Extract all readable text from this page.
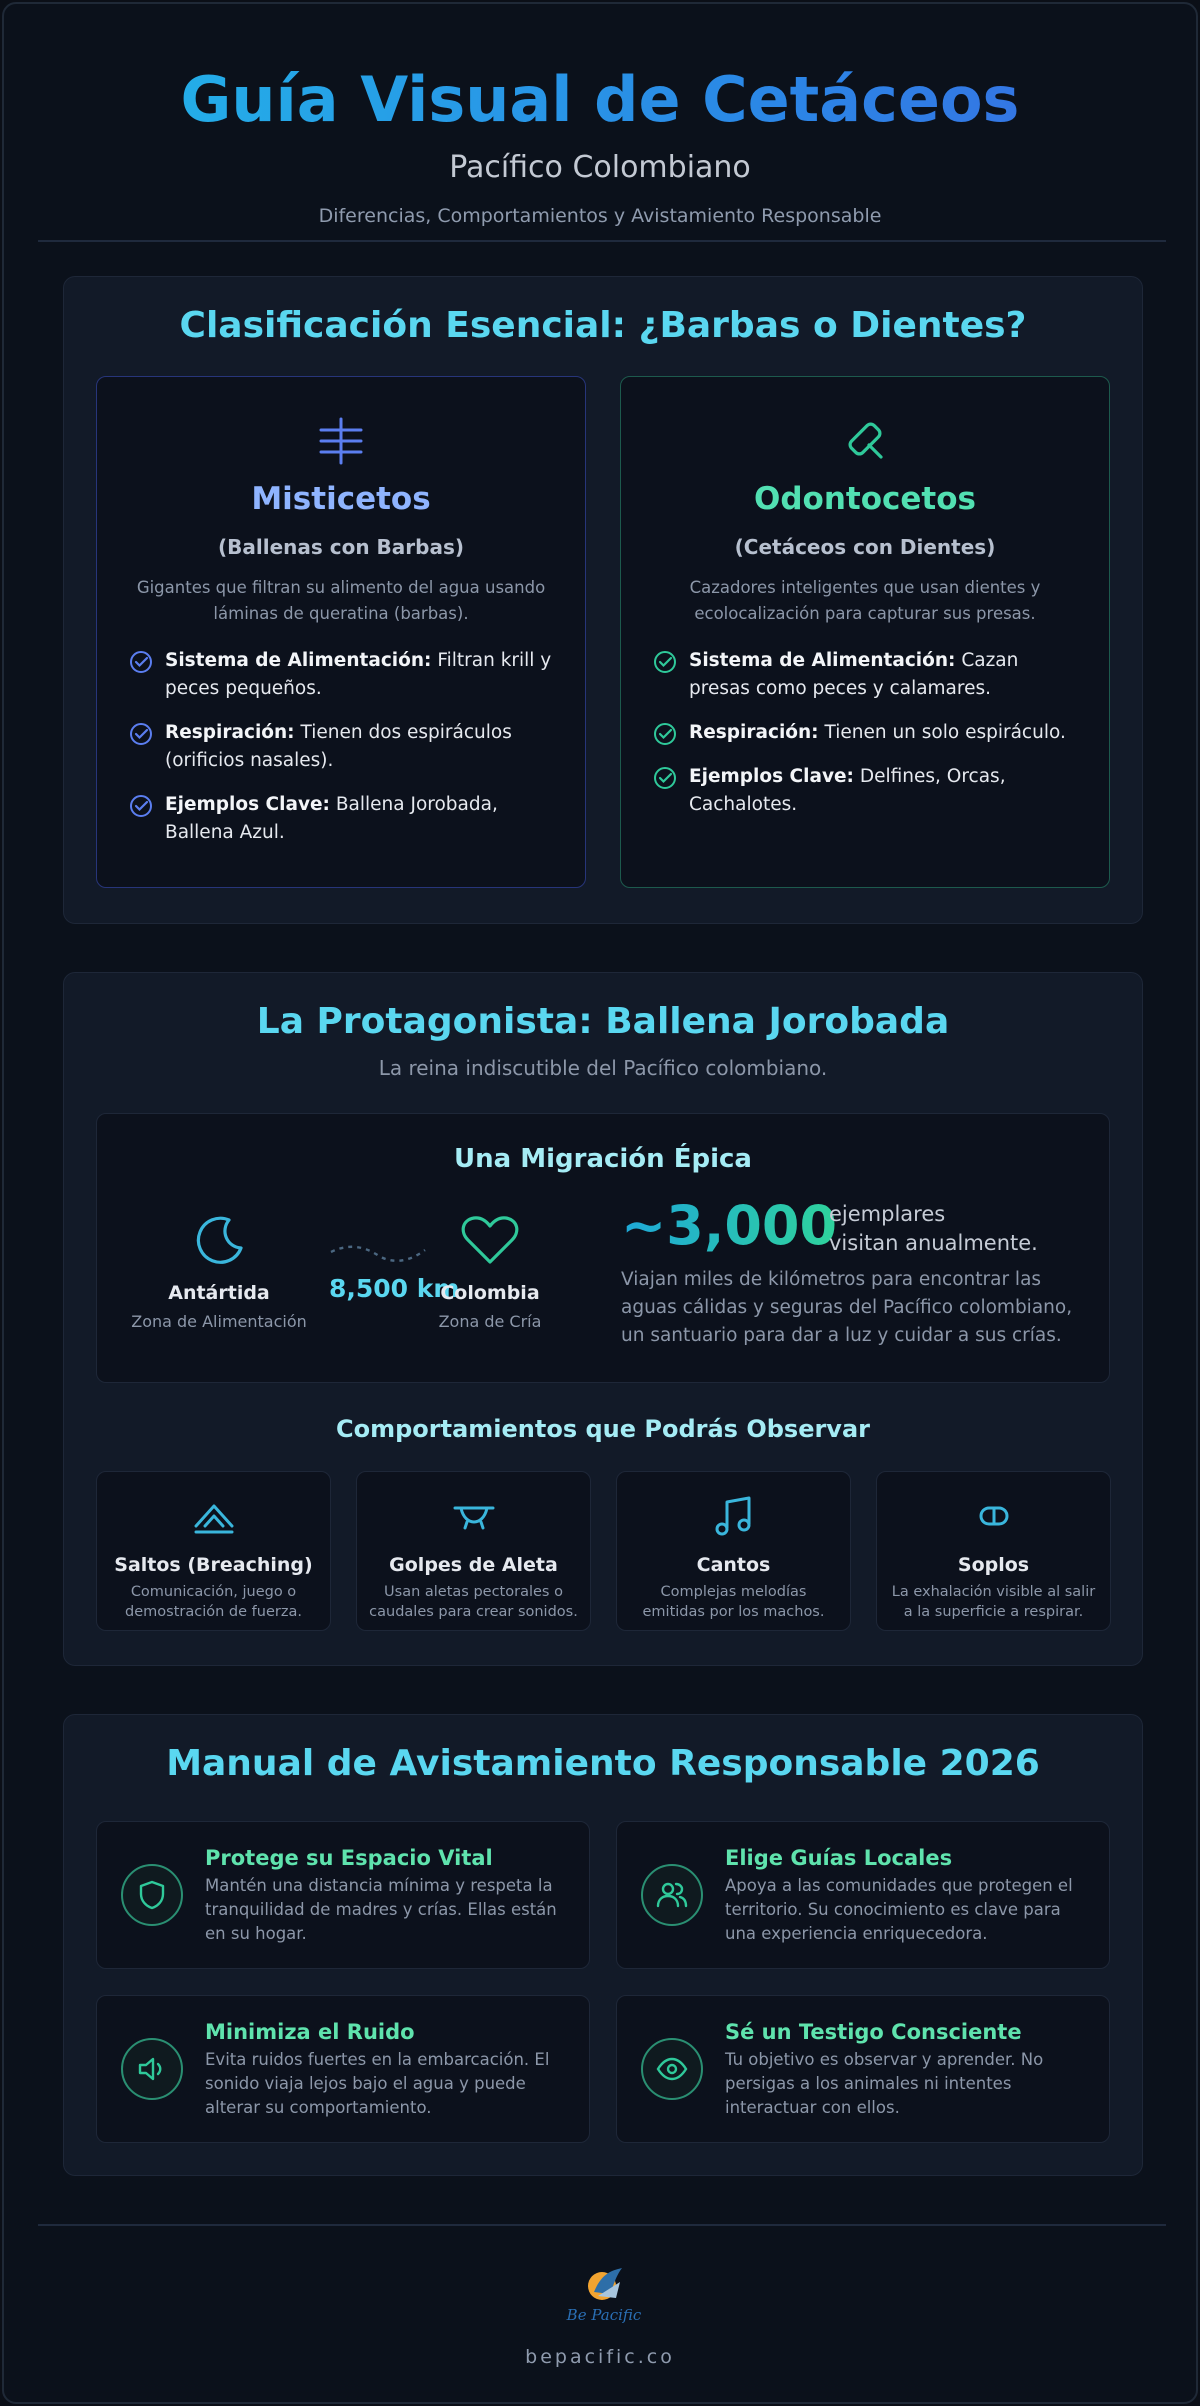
Guía Visual de Cetáceos
Pacífico Colombiano
Diferencias, Comportamientos y Avistamiento Responsable
Clasificación Esencial: ¿Barbas o Dientes?
Misticetos
(Ballenas con Barbas)
Gigantes que filtran su alimento del agua usando láminas de queratina (barbas).
Sistema de Alimentación: Filtran krill y peces pequeños.
Respiración: Tienen dos espiráculos (orificios nasales).
Ejemplos Clave: Ballena Jorobada, Ballena Azul.
Odontocetos
(Cetáceos con Dientes)
Cazadores inteligentes que usan dientes y ecolocalización para capturar sus presas.
Sistema de Alimentación: Cazan presas como peces y calamares.
Respiración: Tienen un solo espiráculo.
Ejemplos Clave: Delfines, Orcas, Cachalotes.
La Protagonista: Ballena Jorobada
La reina indiscutible del Pacífico colombiano.
Una Migración Épica
Antártida
Zona de Alimentación
8,500 km
Colombia
Zona de Cría
~3,000
ejemplares
visitan anualmente.
Viajan miles de kilómetros para encontrar las aguas cálidas y seguras del Pacífico colombiano, un santuario para dar a luz y cuidar a sus crías.
Comportamientos que Podrás Observar
Saltos (Breaching)
Comunicación, juego o demostración de fuerza.
Golpes de Aleta
Usan aletas pectorales o caudales para crear sonidos.
Cantos
Complejas melodías emitidas por los machos.
Soplos
La exhalación visible al salir a la superficie a respirar.
Manual de Avistamiento Responsable 2026
Protege su Espacio Vital
Mantén una distancia mínima y respeta la tranquilidad de madres y crías. Ellas están en su hogar.
Elige Guías Locales
Apoya a las comunidades que protegen el territorio. Su conocimiento es clave para una experiencia enriquecedora.
Minimiza el Ruido
Evita ruidos fuertes en la embarcación. El sonido viaja lejos bajo el agua y puede alterar su comportamiento.
Sé un Testigo Consciente
Tu objetivo es observar y aprender. No persigas a los animales ni intentes interactuar con ellos.
Be Pacific
bepacific.co
